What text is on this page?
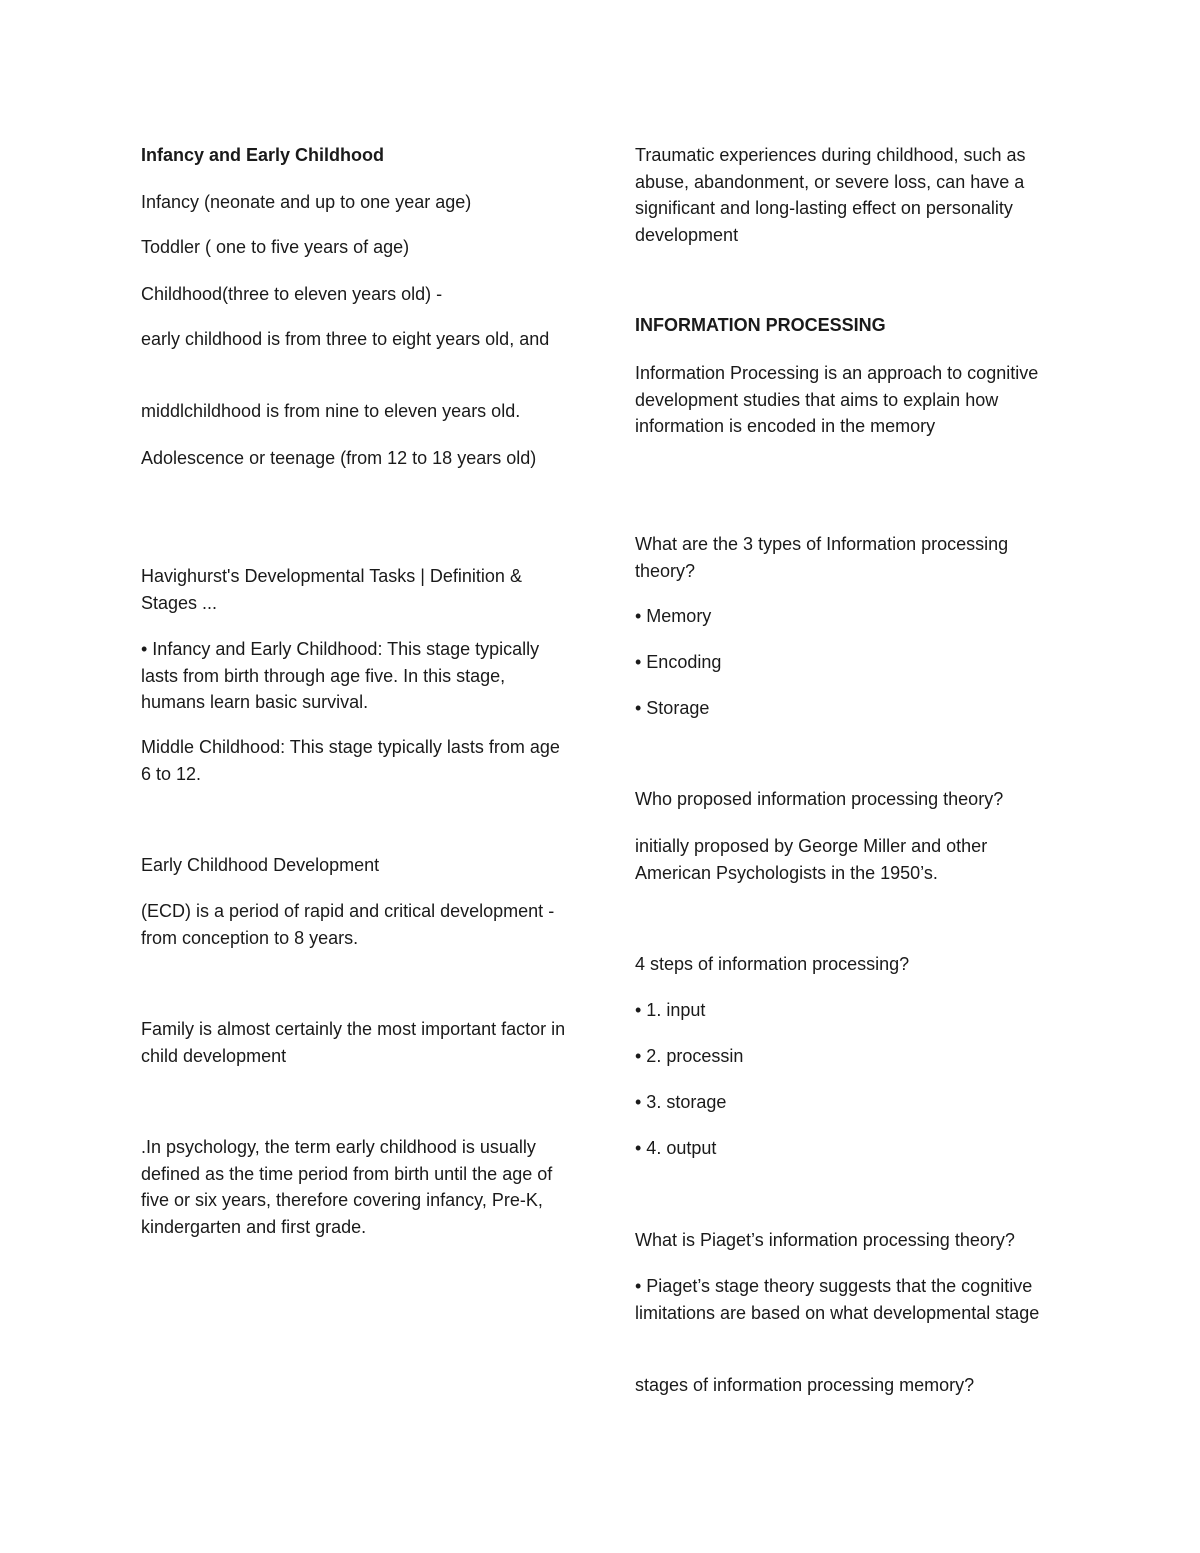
Infancy and Early Childhood

Infancy (neonate and up to one year age)

Toddler ( one to five years of age)

Childhood(three to eleven years old) -

early childhood is from three to eight years old, and

middlchildhood is from nine to eleven years old.

Adolescence or teenage (from 12 to 18 years old)

Havighurst's Developmental Tasks | Definition & Stages ...

• Infancy and Early Childhood: This stage typically lasts from birth through age five. In this stage, humans learn basic survival.

Middle Childhood: This stage typically lasts from age 6 to 12.

Early Childhood Development

(ECD) is a period of rapid and critical development - from conception to 8 years.

Family is almost certainly the most important factor in child development

.In psychology, the term early childhood is usually defined as the time period from birth until the age of five or six years, therefore covering infancy, Pre-K, kindergarten and first grade.

Traumatic experiences during childhood, such as abuse, abandonment, or severe loss, can have a significant and long-lasting effect on personality development

INFORMATION PROCESSING

Information Processing is an approach to cognitive development studies that aims to explain how information is encoded in the memory

What are the 3 types of Information processing theory?

• Memory

• Encoding

• Storage

Who proposed information processing theory?

initially proposed by George Miller and other American Psychologists in the 1950’s.

4 steps of information processing?

• 1. input

• 2. processin

• 3. storage

• 4. output

What is Piaget’s information processing theory?

• Piaget’s stage theory suggests that the cognitive limitations are based on what developmental stage

stages of information processing memory?
